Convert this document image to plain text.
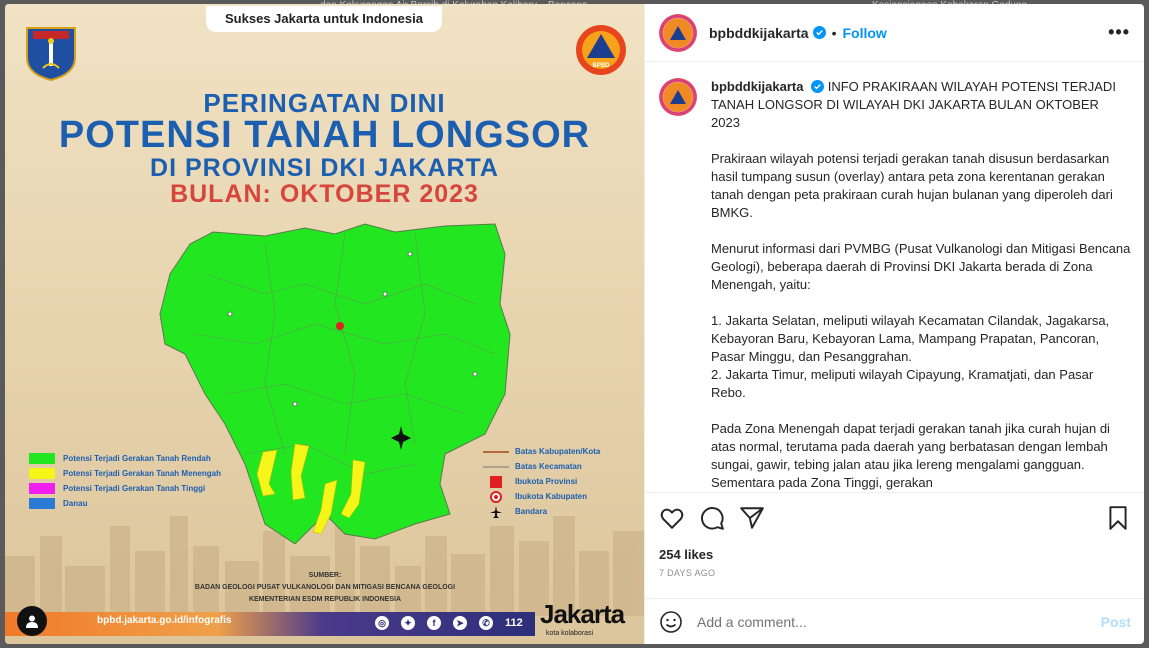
Sukses Jakarta untuk Indonesia
BPBD
PERINGATAN DINI
POTENSI TANAH LONGSOR
DI PROVINSI DKI JAKARTA
BULAN: OKTOBER 2023
Potensi Terjadi Gerakan Tanah Rendah
Potensi Terjadi Gerakan Tanah Menengah
Potensi Terjadi Gerakan Tanah Tinggi
Danau
Batas Kabupaten/Kota
Batas Kecamatan
Ibukota Provinsi
Ibukota Kabupaten
Bandara
SUMBER:
BADAN GEOLOGI PUSAT VULKANOLOGI DAN MITIGASI BENCANA GEOLOGI
KEMENTERIAN ESDM REPUBLIK INDONESIA
bpbd.jakarta.go.id/infografis	◎	✦	f	➤	✆ 112 Jakarta
kota kolaborasi
bpbddkijakarta • Follow	•••
bpbddkijakarta INFO PRAKIRAAN WILAYAH POTENSI TERJADI TANAH LONGSOR DI WILAYAH DKI JAKARTA BULAN OKTOBER 2023

Prakiraan wilayah potensi terjadi gerakan tanah disusun berdasarkan hasil tumpang susun (overlay) antara peta zona kerentanan gerakan tanah dengan peta prakiraan curah hujan bulanan yang diperoleh dari BMKG.

Menurut informasi dari PVMBG (Pusat Vulkanologi dan Mitigasi Bencana Geologi), beberapa daerah di Provinsi DKI Jakarta berada di Zona Menengah, yaitu:

1. Jakarta Selatan, meliputi wilayah Kecamatan Cilandak, Jagakarsa, Kebayoran Baru, Kebayoran Lama, Mampang Prapatan, Pancoran, Pasar Minggu, dan Pesanggrahan.
2. Jakarta Timur, meliputi wilayah Cipayung, Kramatjati, dan Pasar Rebo.

Pada Zona Menengah dapat terjadi gerakan tanah jika curah hujan di atas normal, terutama pada daerah yang berbatasan dengan lembah sungai, gawir, tebing jalan atau jika lereng mengalami gangguan. Sementara pada Zona Tinggi, gerakan
254 likes
7 DAYS AGO
Add a comment...
Post
